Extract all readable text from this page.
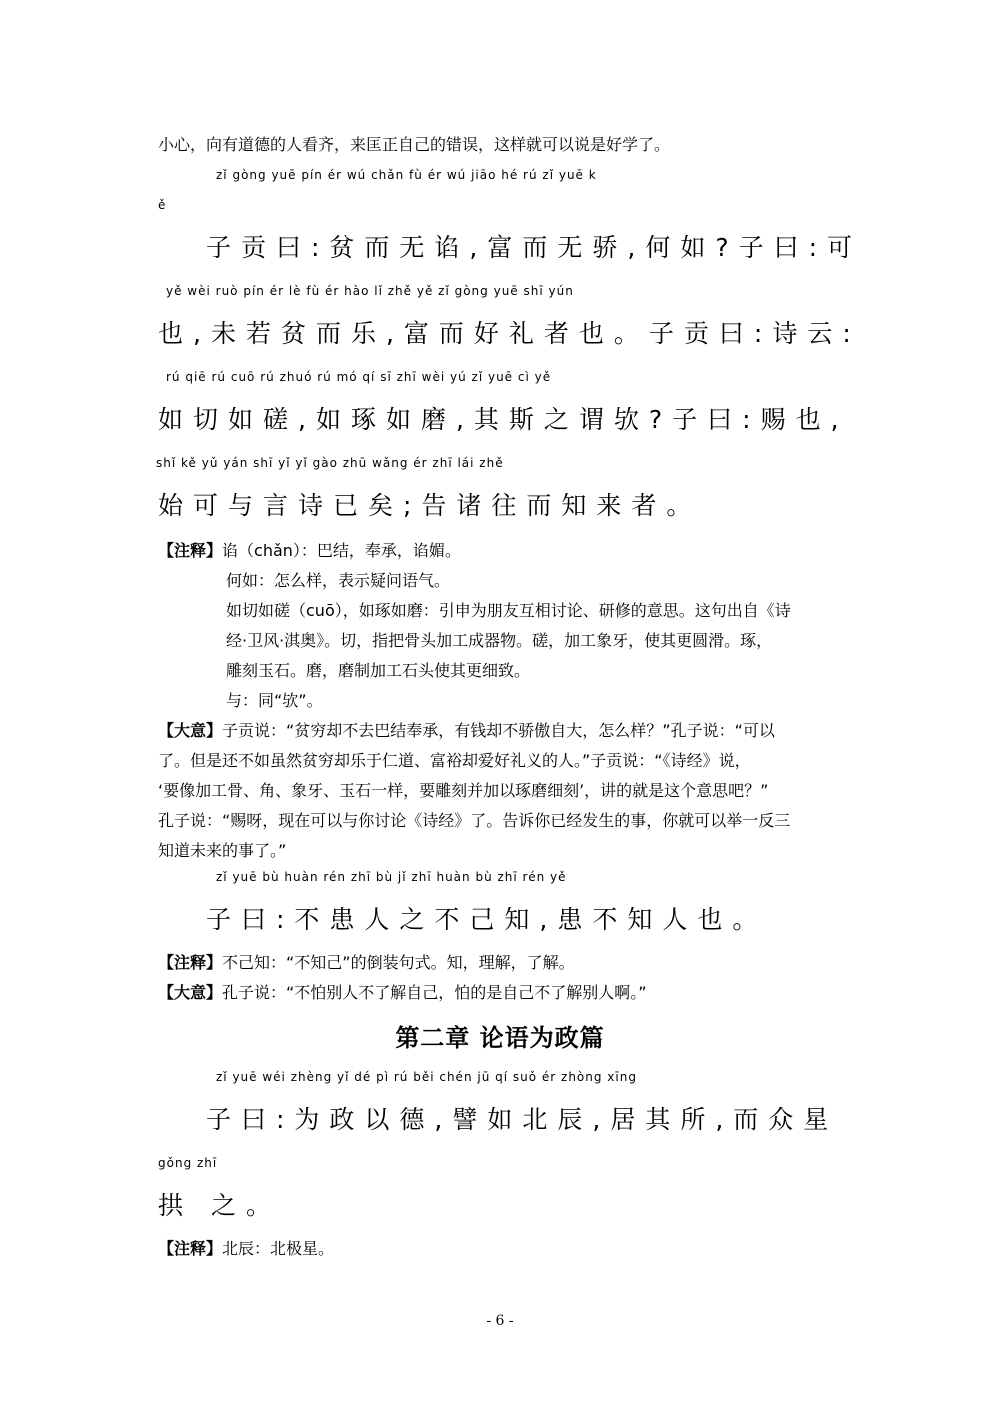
小心，向有道德的人看齐，来匡正自己的错误，这样就可以说是好学了。
zǐ gòng yuē pín ér wú chǎn fù ér wú jiāo hé rú zǐ yuē k
ě
子贡曰:贫而无谄,富而无骄,何如?子曰:可
yě wèi ruò pín ér lè fù ér hào lǐ zhě yě zǐ gòng yuē shī yún
也,未若贫而乐,富而好礼者也。子贡曰:诗云:
rú qiē rú cuō rú zhuó rú mó qí sī zhī wèi yú zǐ yuē cì yě
如切如磋,如琢如磨,其斯之谓欤?子曰:赐也,
shǐ kě yǔ yán shī yǐ yǐ gào zhū wǎng ér zhī lái zhě
始可与言诗已矣;告诸往而知来者。
【注释】谄（chǎn）：巴结，奉承，谄媚。
何如：怎么样，表示疑问语气。
如切如磋（cuō），如琢如磨：引申为朋友互相讨论、研修的意思。这句出自《诗
经·卫风·淇奥》。切，指把骨头加工成器物。磋，加工象牙，使其更圆滑。琢，
雕刻玉石。磨，磨制加工石头使其更细致。
与：同“欤”。
【大意】子贡说：“贫穷却不去巴结奉承，有钱却不骄傲自大，怎么样？”孔子说：“可以
了。但是还不如虽然贫穷却乐于仁道、富裕却爱好礼义的人。”子贡说：“《诗经》说，
‘要像加工骨、角、象牙、玉石一样，要雕刻并加以琢磨细刻’，讲的就是这个意思吧？”
孔子说：“赐呀，现在可以与你讨论《诗经》了。告诉你已经发生的事，你就可以举一反三
知道未来的事了。”
zǐ yuē bù huàn rén zhī bù jǐ zhī huàn bù zhī rén yě
子曰:不患人之不己知,患不知人也。
【注释】不己知：“不知己”的倒装句式。知，理解，了解。
【大意】孔子说：“不怕别人不了解自己，怕的是自己不了解别人啊。”
第二章 论语为政篇
zǐ yuē wéi zhèng yǐ dé pì rú běi chén jū qí suǒ ér zhòng xīng
子曰:为政以德,譬如北辰,居其所,而众星
gǒng zhī
拱 之。
【注释】北辰：北极星。
- 6 -
